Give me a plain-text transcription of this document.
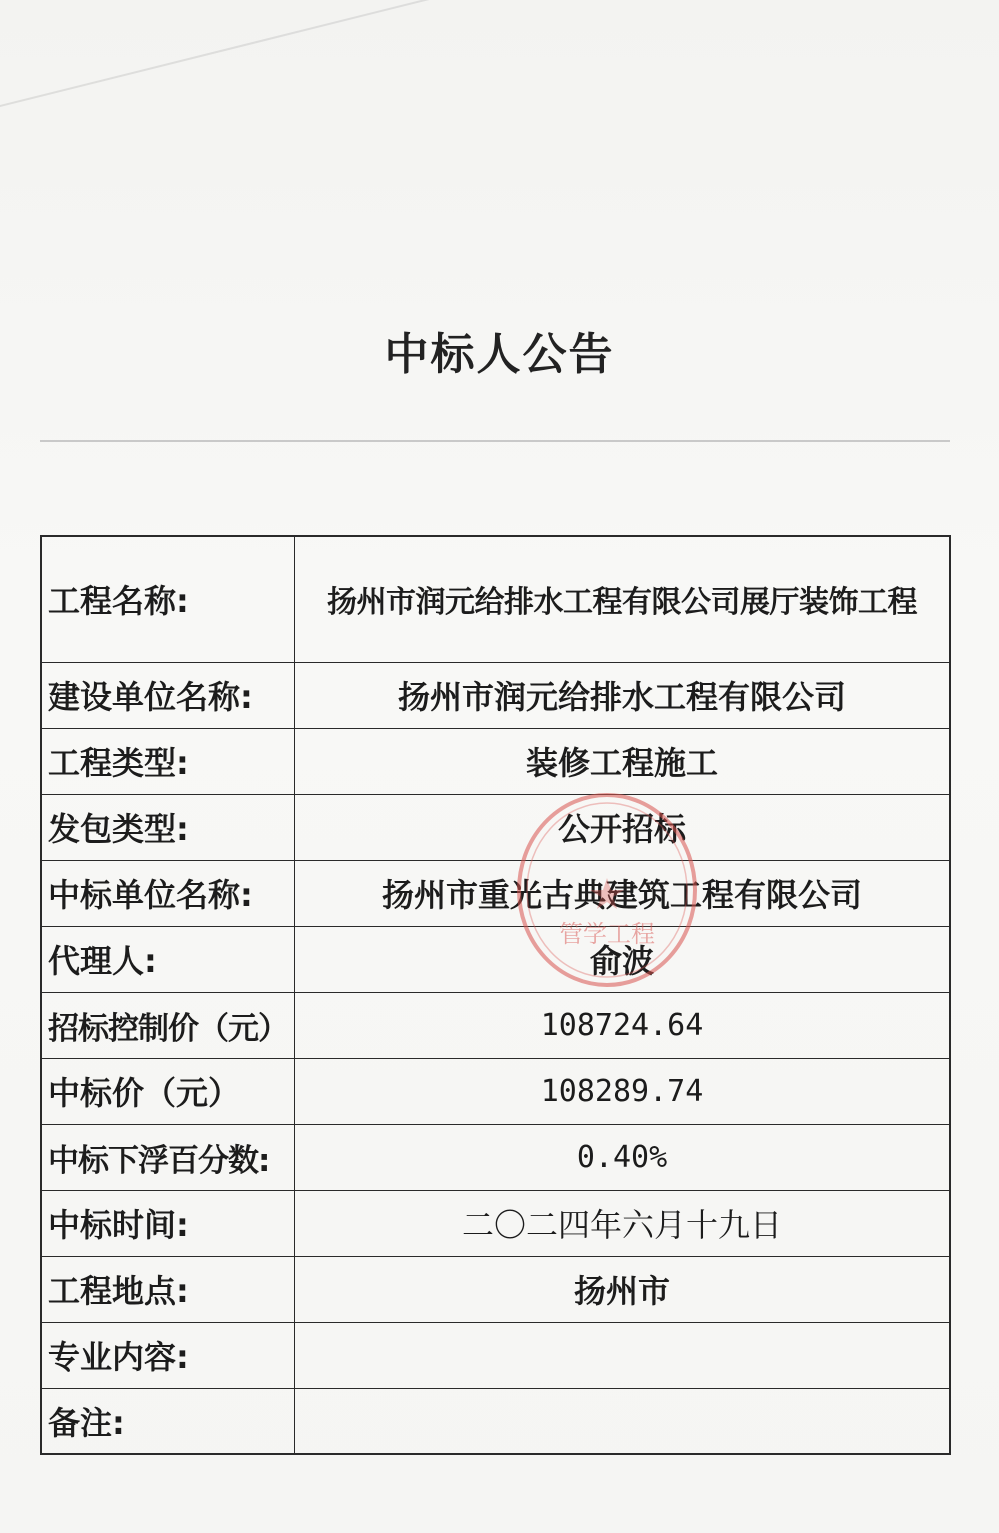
中标人公告
工程名称:	扬州市润元给排水工程有限公司展厅装饰工程
建设单位名称:	扬州市润元给排水工程有限公司
工程类型:	装修工程施工
发包类型:	公开招标
中标单位名称:	扬州市重光古典建筑工程有限公司
代理人:	俞波
招标控制价（元）	108724.64
中标价（元）	108289.74
中标下浮百分数:	0.40%
中标时间:	二〇二四年六月十九日
工程地点:	扬州市
专业内容:	
备注:	
管学工程
